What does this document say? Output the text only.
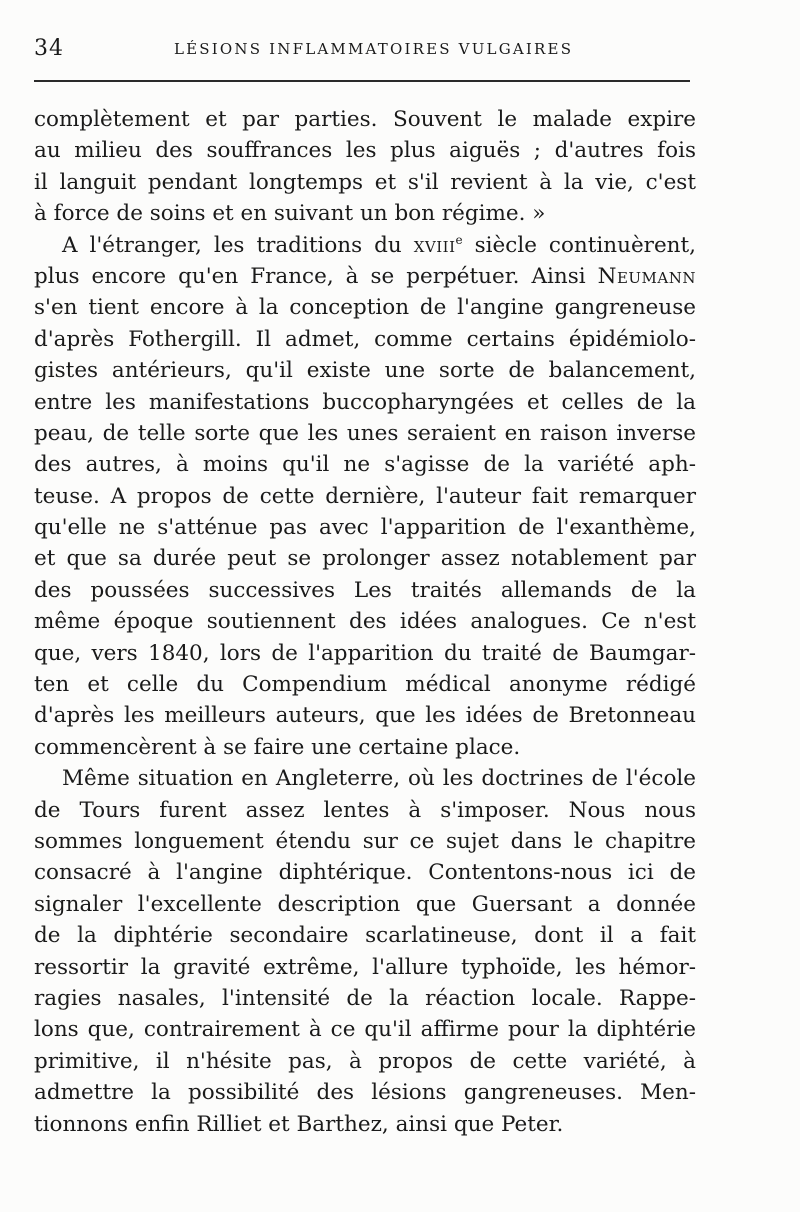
34	LÉSIONS INFLAMMATOIRES VULGAIRES
complètement et par parties. Souvent le malade expire
au milieu des souffrances les plus aiguës ; d'autres fois
il languit pendant longtemps et s'il revient à la vie, c'est
à force de soins et en suivant un bon régime. »
A l'étranger, les traditions du xviii$^e$ siècle continuèrent,
plus encore qu'en France, à se perpétuer. Ainsi Neumann
s'en tient encore à la conception de l'angine gangreneuse
d'après Fothergill. Il admet, comme certains épidémiolo-
gistes antérieurs, qu'il existe une sorte de balancement,
entre les manifestations buccopharyngées et celles de la
peau, de telle sorte que les unes seraient en raison inverse
des autres, à moins qu'il ne s'agisse de la variété aph-
teuse. A propos de cette dernière, l'auteur fait remarquer
qu'elle ne s'atténue pas avec l'apparition de l'exanthème,
et que sa durée peut se prolonger assez notablement par
des poussées successives Les traités allemands de la
même époque soutiennent des idées analogues. Ce n'est
que, vers 1840, lors de l'apparition du traité de Baumgar-
ten et celle du Compendium médical anonyme rédigé
d'après les meilleurs auteurs, que les idées de Bretonneau
commencèrent à se faire une certaine place.
Même situation en Angleterre, où les doctrines de l'école
de Tours furent assez lentes à s'imposer. Nous nous
sommes longuement étendu sur ce sujet dans le chapitre
consacré à l'angine diphtérique. Contentons-nous ici de
signaler l'excellente description que Guersant a donnée
de la diphtérie secondaire scarlatineuse, dont il a fait
ressortir la gravité extrême, l'allure typhoïde, les hémor-
ragies nasales, l'intensité de la réaction locale. Rappe-
lons que, contrairement à ce qu'il affirme pour la diphtérie
primitive, il n'hésite pas, à propos de cette variété, à
admettre la possibilité des lésions gangreneuses. Men-
tionnons enfin Rilliet et Barthez, ainsi que Peter.
